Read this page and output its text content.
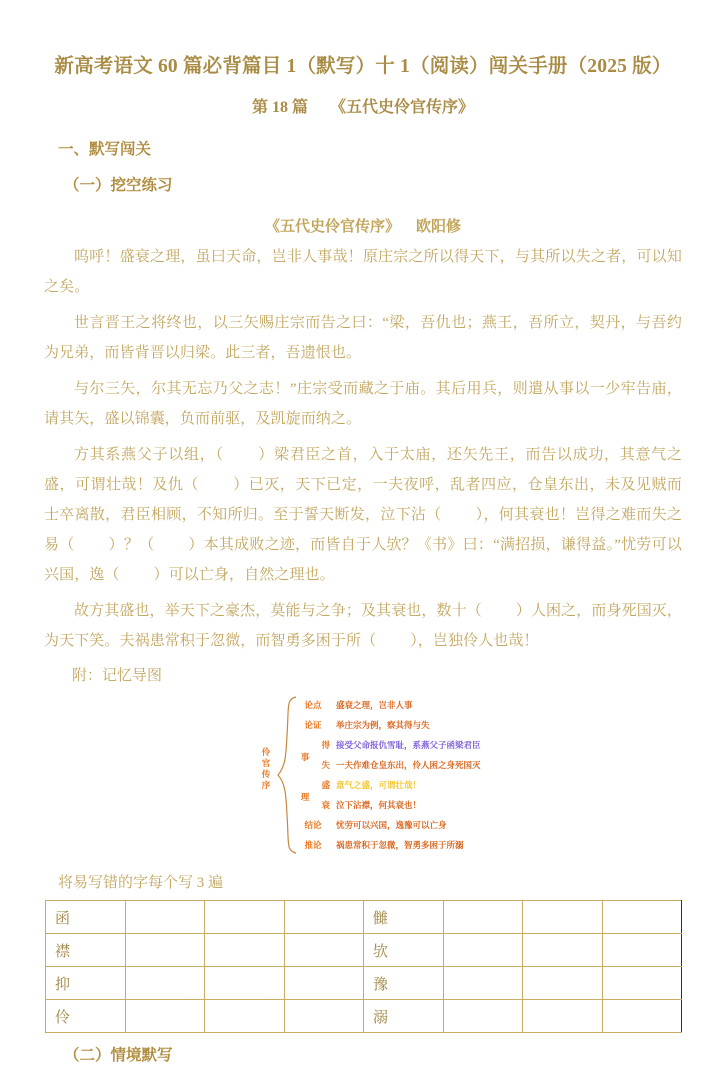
新高考语文 60 篇必背篇目 1（默写）十 1（阅读）闯关手册（2025 版）
第 18 篇 《五代史伶官传序》
一、默写闯关
（一）挖空练习
《五代史伶官传序》 欧阳修
呜呼！盛衰之理，虽曰天命，岂非人事哉！原庄宗之所以得天下，与其所以失之者，可以知之矣。
世言晋王之将终也，以三矢赐庄宗而告之曰：“梁，吾仇也；燕王，吾所立，契丹，与吾约为兄弟，而皆背晋以归梁。此三者，吾遗恨也。
与尔三矢，尔其无忘乃父之志！”庄宗受而藏之于庙。其后用兵，则遣从事以一少牢告庙，请其矢，盛以锦囊，负而前驱，及凯旋而纳之。
方其系燕父子以组，（ ）梁君臣之首，入于太庙，还矢先王，而告以成功，其意气之盛，可谓壮哉！及仇（ ）已灭，天下已定，一夫夜呼，乱者四应，仓皇东出，未及见贼而士卒离散，君臣相顾，不知所归。至于誓天断发，泣下沾（ ），何其衰也！岂得之难而失之易（ ）？（ ）本其成败之迹，而皆自于人欤？《书》曰：“满招损，谦得益。”忧劳可以兴国，逸（ ）可以亡身，自然之理也。
故方其盛也，举天下之豪杰，莫能与之争；及其衰也，数十（ ）人困之，而身死国灭，为天下笑。夫祸患常积于忽微，而智勇多困于所（ ），岂独伶人也哉！
附：记忆导图
伶官传序
论点 盛衰之理，岂非人事
论证 举庄宗为例，察其得与失
得 接受父命报仇雪耻，系燕父子函梁君臣
失 一夫作难仓皇东出，伶人困之身死国灭
盛 意气之盛，可谓壮哉！
衰 泣下沾襟，何其衰也！
结论 忧劳可以兴国，逸豫可以亡身
推论 祸患常积于忽微，智勇多困于所溺
事
理
将易写错的字每个写 3 遍
函				雠			
襟				欤			
抑				豫			
伶				溺			
（二）情境默写
